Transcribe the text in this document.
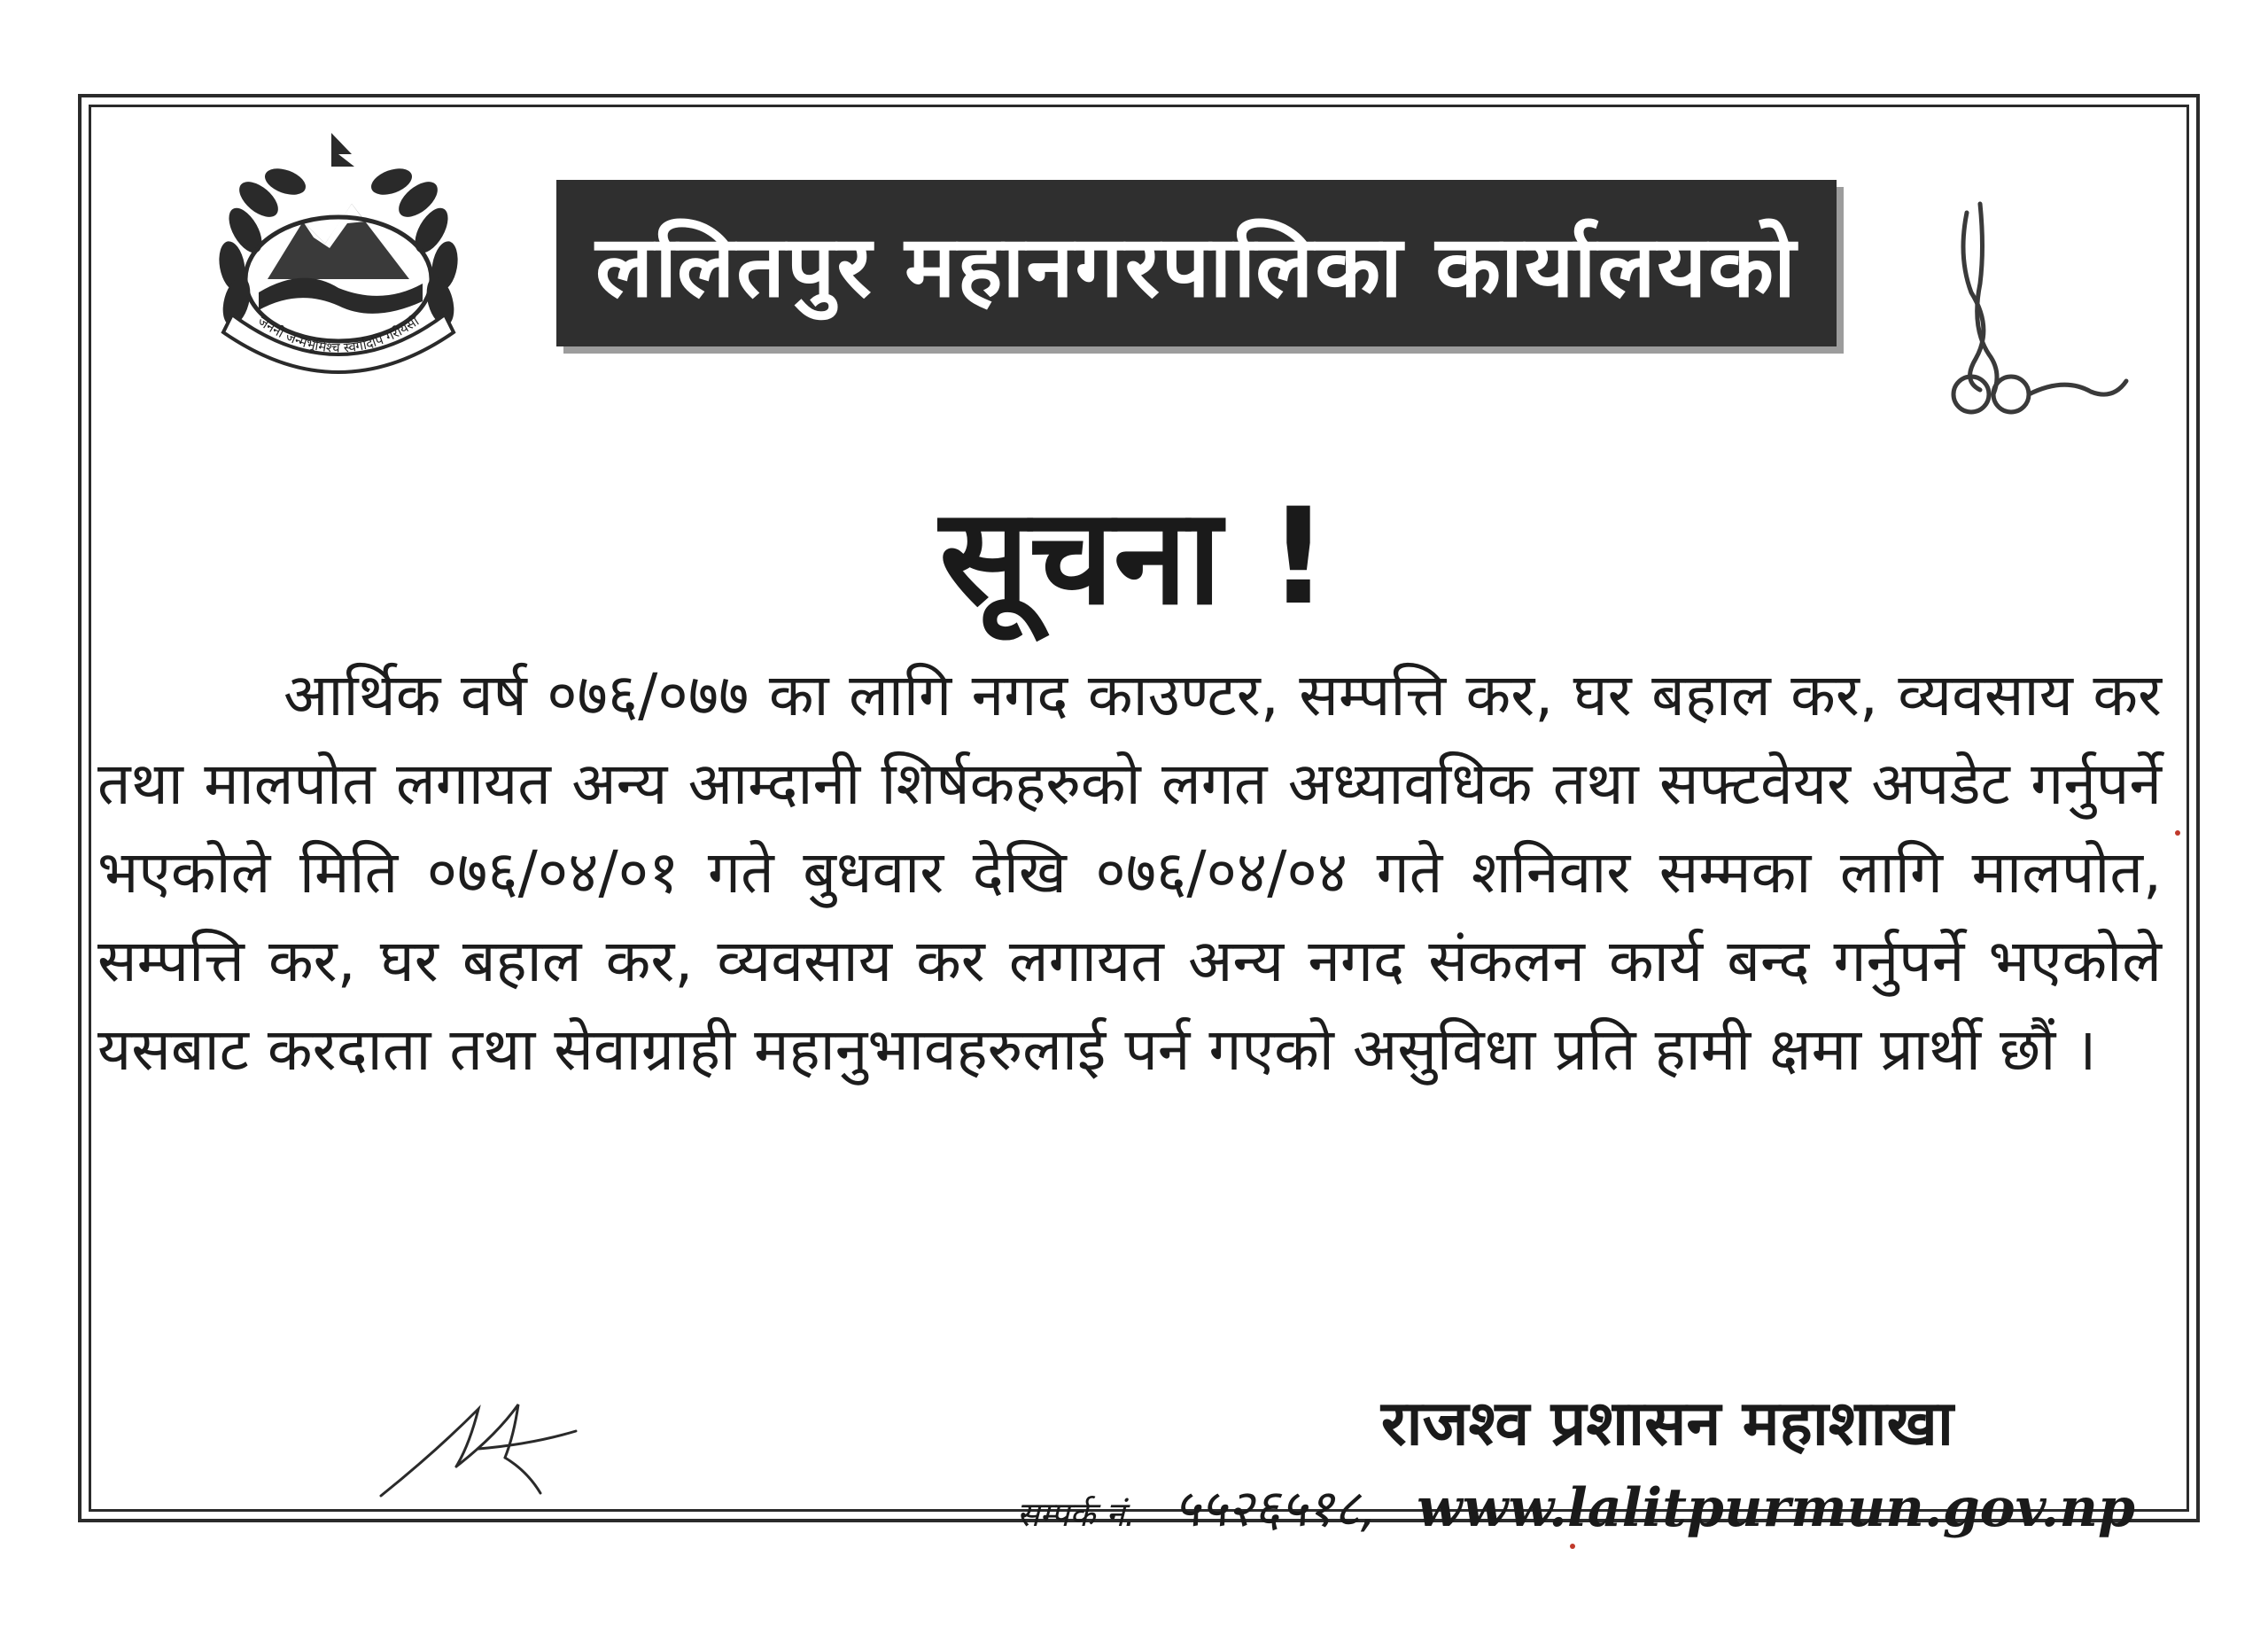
जननी जन्मभूमिश्च स्वर्गादपि गरीयसी
ललितपुर महानगरपालिका कार्यालयको
सूचना !
आर्थिक वर्ष ०७६/०७७ का लागि नगद काउण्टर, सम्पत्ति कर, घर बहाल कर, व्यवसाय कर तथा मालपोत लगायत अन्य आम्दानी शिर्षकहरुको लगत अध्यावधिक तथा सफ्टवेयर अपडेट गर्नुपर्ने भएकोले मिति ०७६/०४/०१ गते बुधवार देखि ०७६/०४/०४ गते शनिवार सम्मका लागि मालपोत, सम्पत्ति कर, घर बहाल कर, व्यवसाय कर लगायत अन्य नगद संकलन कार्य बन्द गर्नुपर्ने भएकोले यसबाट करदाता तथा सेवाग्राही महानुभावहरुलाई पर्न गएको असुविधा प्रति हामी क्षमा प्रार्थी छौं ।
राजश्व प्रशासन महाशाखा
सम्पर्क नं. ५५२६५१८, www.lalitpurmun.gov.np
